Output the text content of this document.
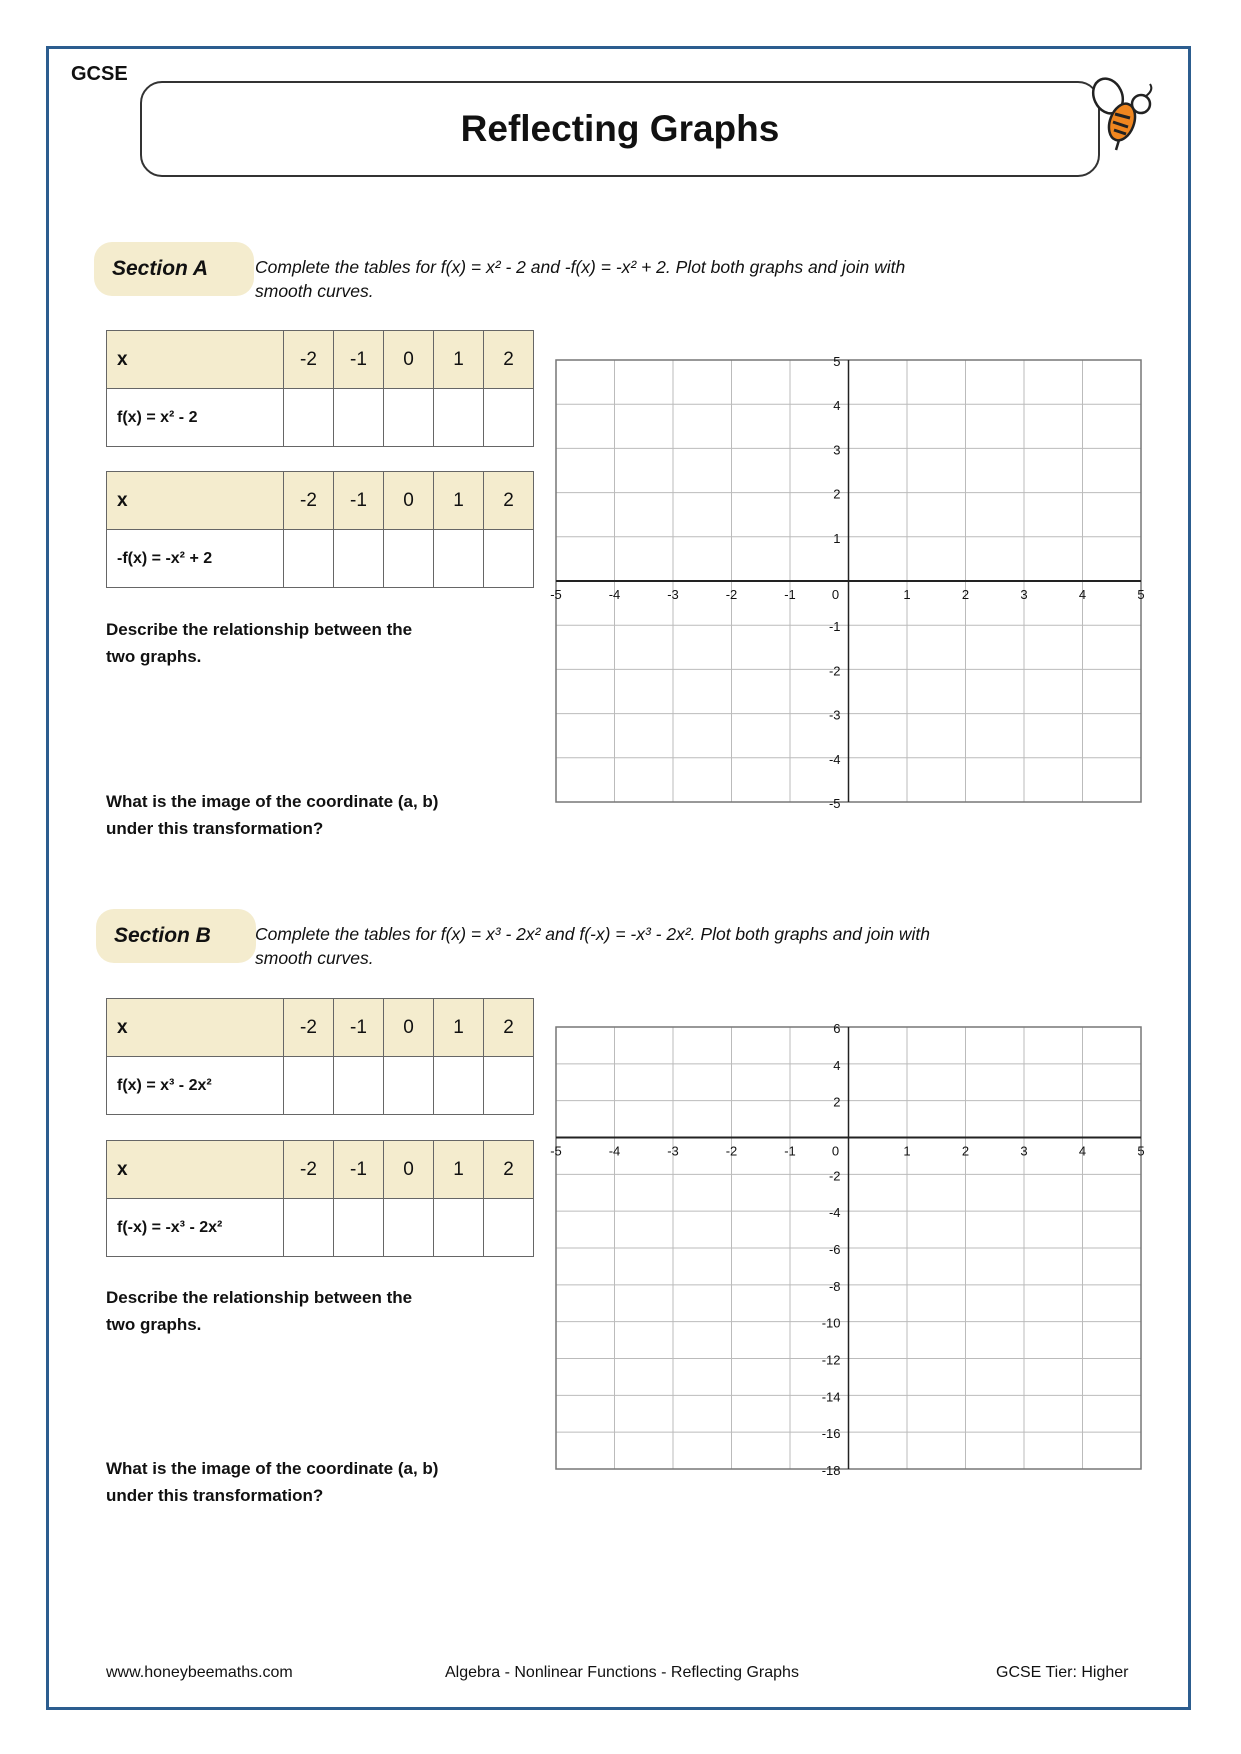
GCSE
Reflecting Graphs
Section A	Complete the tables for f(x) = x² - 2 and -f(x) = -x² + 2. Plot both graphs and join with
smooth curves.
x	-2	-1	0	1	2
f(x) = x² - 2					
x	-2	-1	0	1	2
-f(x) = -x² + 2					
Describe the relationship between the
two graphs.
What is the image of the coordinate (a, b)
under this transformation?
-5	-4	-3	-2	-1	0	1	2	3	4	5
5
4
3
2
1
-1
-2
-3
-4
-5
Section B	Complete the tables for f(x) = x³ - 2x² and f(-x) = -x³ - 2x². Plot both graphs and join with
smooth curves.
x	-2	-1	0	1	2
f(x) = x³ - 2x²					
x	-2	-1	0	1	2
f(-x) = -x³ - 2x²					
Describe the relationship between the
two graphs.
What is the image of the coordinate (a, b)
under this transformation?
-5	-4	-3	-2	-1	0	1	2	3	4	5
6
4
2
-2
-4
-6
-8
-10
-12
-14
-16
-18
www.honeybeemaths.com	Algebra - Nonlinear Functions - Reflecting Graphs	GCSE Tier: Higher
